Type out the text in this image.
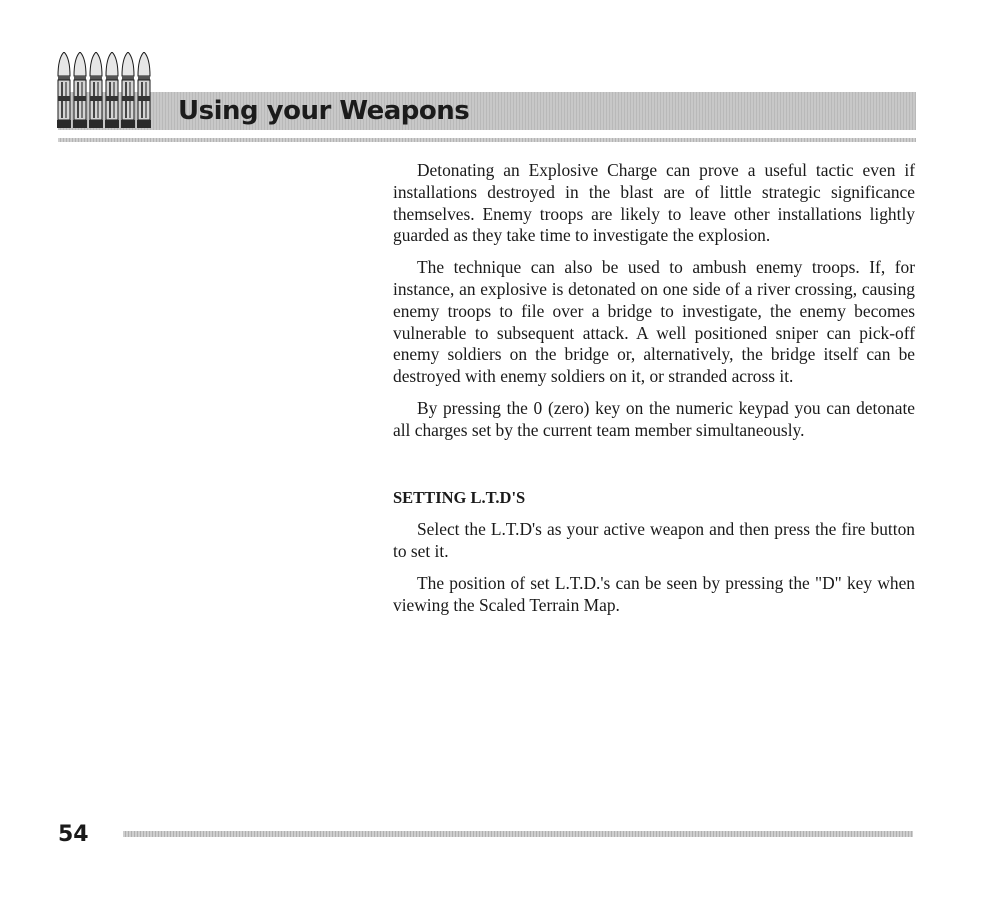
Using your Weapons

Detonating an Explosive Charge can prove a useful tactic even if installations destroyed in the blast are of little strategic significance themselves. Enemy troops are likely to leave other installations lightly guarded as they take time to investigate the explosion.

The technique can also be used to ambush enemy troops. If, for instance, an explosive is detonated on one side of a river crossing, causing enemy troops to file over a bridge to investigate, the enemy becomes vulnerable to subsequent attack. A well positioned sniper can pick-off enemy soldiers on the bridge or, alternatively, the bridge itself can be destroyed with enemy soldiers on it, or stranded across it.

By pressing the 0 (zero) key on the numeric keypad you can detonate all charges set by the current team member simultaneously.

SETTING L.T.D'S

Select the L.T.D's as your active weapon and then press the fire button to set it.

The position of set L.T.D.'s can be seen by pressing the "D" key when viewing the Scaled Terrain Map.

54
